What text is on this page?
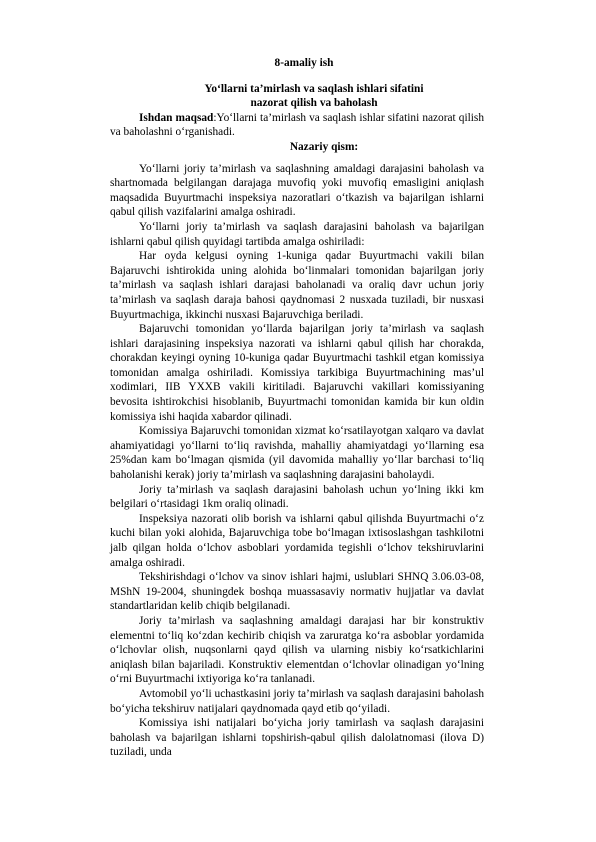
8-amaliy ish

Yo‘llarni ta’mirlash va saqlash ishlari sifatini

nazorat qilish va baholash

Ishdan maqsad:Yo‘llarni ta’mirlash va saqlash ishlar sifatini nazorat qilish va baholashni o‘rganishadi.

Nazariy qism:

Yo‘llarni joriy ta’mirlash va saqlashning amaldagi darajasini baholash va shartnomada belgilangan darajaga muvofiq yoki muvofiq emasligini aniqlash maqsadida Buyurtmachi inspeksiya nazoratlari o‘tkazish va bajarilgan ishlarni qabul qilish vazifalarini amalga oshiradi.

Yo‘llarni joriy ta’mirlash va saqlash darajasini baholash va bajarilgan ishlarni qabul qilish quyidagi tartibda amalga oshiriladi:

Har oyda kelgusi oyning 1-kuniga qadar Buyurtmachi vakili bilan Bajaruvchi ishtirokida uning alohida bo‘linmalari tomonidan bajarilgan joriy ta’mirlash va saqlash ishlari darajasi baholanadi va oraliq davr uchun joriy ta’mirlash va saqlash daraja bahosi qaydnomasi 2 nusxada tuziladi, bir nusxasi Buyurtmachiga, ikkinchi nusxasi Bajaruvchiga beriladi.

Bajaruvchi tomonidan yo‘llarda bajarilgan joriy ta’mirlash va saqlash ishlari darajasining inspeksiya nazorati va ishlarni qabul qilish har chorakda, chorakdan keyingi oyning 10-kuniga qadar Buyurtmachi tashkil etgan komissiya tomonidan amalga oshiriladi. Komissiya tarkibiga Buyurtmachining mas’ul xodimlari, IIB YXXB vakili kiritiladi. Bajaruvchi vakillari komissiyaning bevosita ishtirokchisi hisoblanib, Buyurtmachi tomonidan kamida bir kun oldin komissiya ishi haqida xabardor qilinadi.

Komissiya Bajaruvchi tomonidan xizmat ko‘rsatilayotgan xalqaro va davlat ahamiyatidagi yo‘llarni to‘liq ravishda, mahalliy ahamiyatdagi yo‘llarning esa 25%dan kam bo‘lmagan qismida (yil davomida mahalliy yo‘llar barchasi to‘liq baholanishi kerak) joriy ta’mirlash va saqlashning darajasini baholaydi.

Joriy ta’mirlash va saqlash darajasini baholash uchun yo‘lning ikki km belgilari o‘rtasidagi 1km oraliq olinadi.

Inspeksiya nazorati olib borish va ishlarni qabul qilishda Buyurtmachi o‘z kuchi bilan yoki alohida, Bajaruvchiga tobe bo‘lmagan ixtisoslashgan tashkilotni jalb qilgan holda o‘lchov asboblari yordamida tegishli o‘lchov tekshiruvlarini amalga oshiradi.

Tekshirishdagi o‘lchov va sinov ishlari hajmi, uslublari SHNQ 3.06.03-08, MShN 19-2004, shuningdek boshqa muassasaviy normativ hujjatlar va davlat standartlaridan kelib chiqib belgilanadi.

Joriy ta’mirlash va saqlashning amaldagi darajasi har bir konstruktiv elementni to‘liq ko‘zdan kechirib chiqish va zaruratga ko‘ra asboblar yordamida o‘lchovlar olish, nuqsonlarni qayd qilish va ularning nisbiy ko‘rsatkichlarini aniqlash bilan bajariladi. Konstruktiv elementdan o‘lchovlar olinadigan yo‘lning o‘rni Buyurtmachi ixtiyoriga ko‘ra tanlanadi.

Avtomobil yo‘li uchastkasini joriy ta’mirlash va saqlash darajasini baholash bo‘yicha tekshiruv natijalari qaydnomada qayd etib qo‘yiladi.

Komissiya ishi natijalari bo‘yicha joriy tamirlash va saqlash darajasini baholash va bajarilgan ishlarni topshirish-qabul qilish dalolatnomasi (ilova D) tuziladi, unda
